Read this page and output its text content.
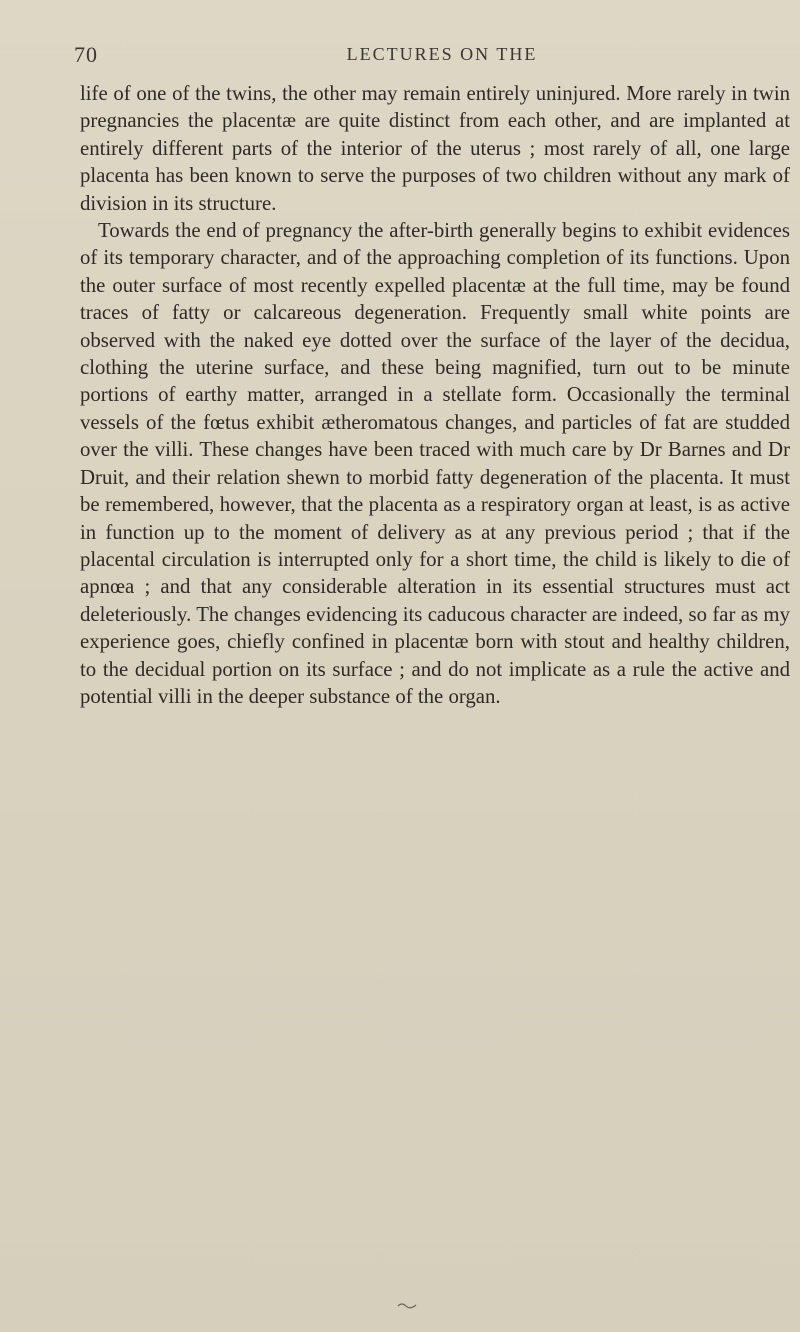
70	LECTURES ON THE

life of one of the twins, the other may remain entirely uninjured. More rarely in twin pregnancies the placentæ are quite distinct from each other, and are implanted at entirely different parts of the interior of the uterus ; most rarely of all, one large placenta has been known to serve the purposes of two children without any mark of division in its structure.

Towards the end of pregnancy the after-birth generally begins to exhibit evidences of its temporary character, and of the approaching completion of its functions. Upon the outer surface of most recently expelled placentæ at the full time, may be found traces of fatty or calcareous degeneration. Frequently small white points are observed with the naked eye dotted over the surface of the layer of the decidua, clothing the uterine surface, and these being magnified, turn out to be minute portions of earthy matter, arranged in a stellate form. Occasionally the terminal vessels of the fœtus exhibit ætheromatous changes, and particles of fat are studded over the villi. These changes have been traced with much care by Dr Barnes and Dr Druit, and their relation shewn to morbid fatty degeneration of the placenta. It must be remembered, however, that the placenta as a respiratory organ at least, is as active in function up to the moment of delivery as at any previous period ; that if the placental circulation is interrupted only for a short time, the child is likely to die of apnœa ; and that any considerable alteration in its essential structures must act deleteriously. The changes evidencing its caducous character are indeed, so far as my experience goes, chiefly confined in placentæ born with stout and healthy children, to the decidual portion on its surface ; and do not implicate as a rule the active and potential villi in the deeper substance of the organ.
